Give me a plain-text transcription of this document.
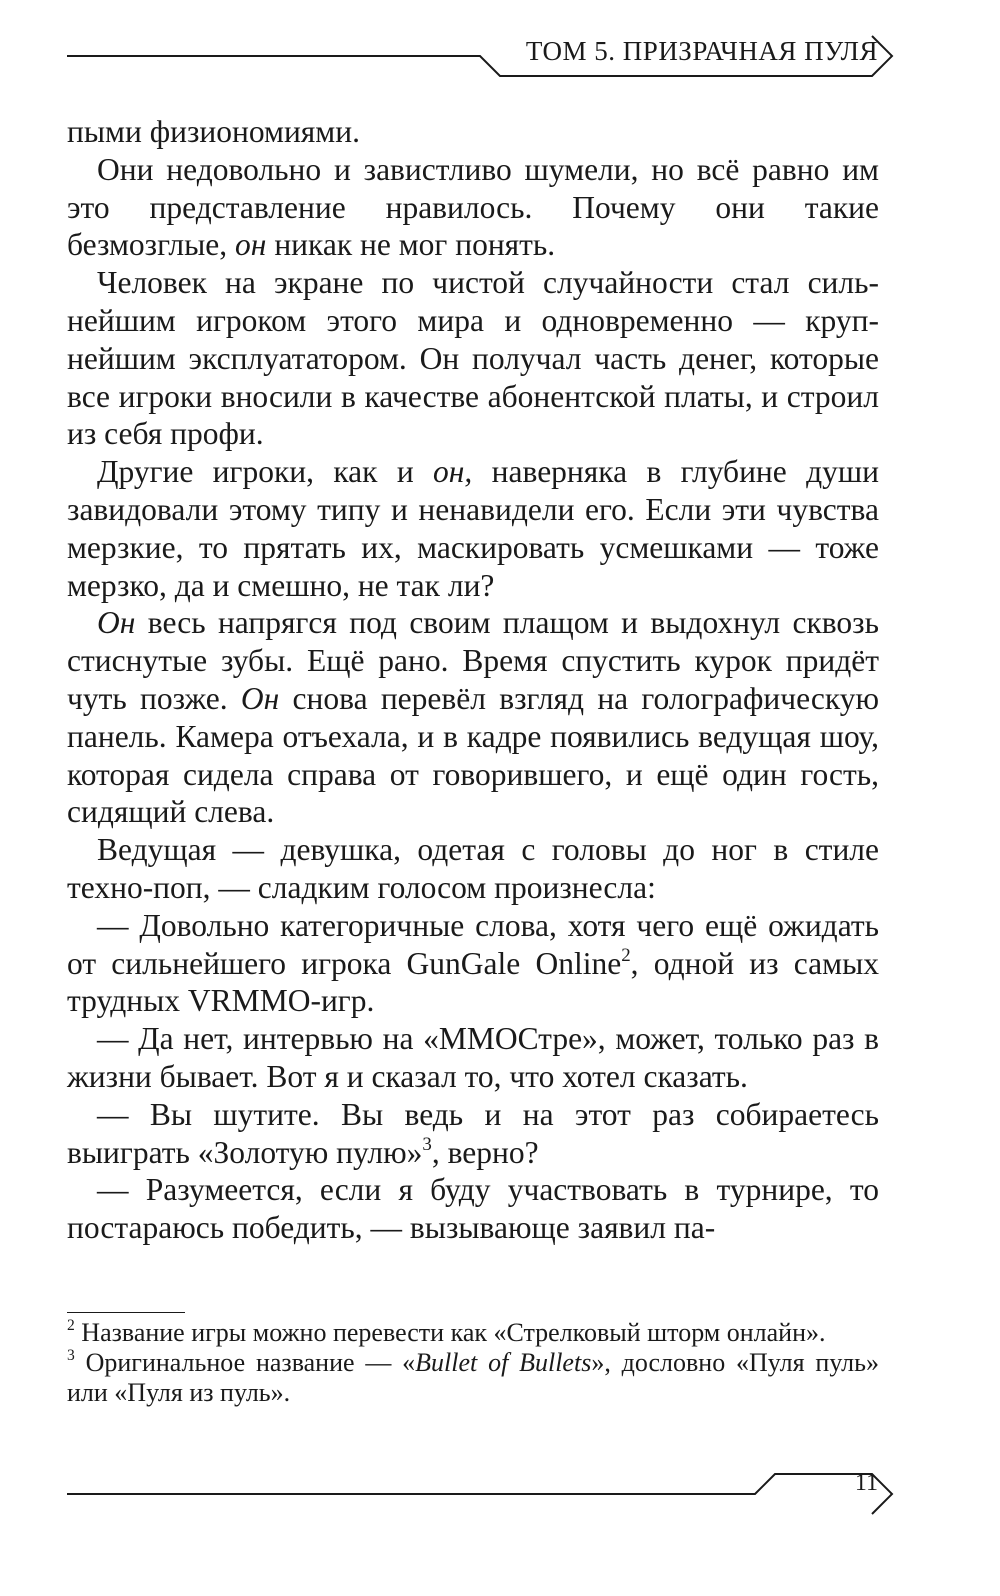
ТОМ 5. ПРИЗРАЧНАЯ ПУЛЯ

пыми физиономиями.

Они недовольно и завистливо шумели, но всё равно им это представление нравилось. Почему они такие безмозглые, он никак не мог понять.

Человек на экране по чистой случайности стал сильнейшим игроком этого мира и одновременно — крупнейшим эксплуататором. Он получал часть денег, которые все игроки вносили в качестве абонентской платы, и строил из себя профи.

Другие игроки, как и он, наверняка в глубине души завидовали этому типу и ненавидели его. Если эти чувства мерзкие, то прятать их, маскировать усмешками — тоже мерзко, да и смешно, не так ли?

Он весь напрягся под своим плащом и выдохнул сквозь стиснутые зубы. Ещё рано. Время спустить курок придёт чуть позже. Он снова перевёл взгляд на голографическую панель. Камера отъехала, и в кадре появились ведущая шоу, которая сидела справа от говорившего, и ещё один гость, сидящий слева.

Ведущая — девушка, одетая с головы до ног в стиле техно-поп, — сладким голосом произнесла:

— Довольно категоричные слова, хотя чего ещё ожидать от сильнейшего игрока GunGale Online$^2$, одной из самых трудных VRMMO-игр.

— Да нет, интервью на «MMOСтре», может, только раз в жизни бывает. Вот я и сказал то, что хотел сказать.

— Вы шутите. Вы ведь и на этот раз собираетесь выиграть «Золотую пулю»$^3$, верно?

— Разумеется, если я буду участвовать в турнире, то постараюсь победить, — вызывающе заявил па-

$^2$ Название игры можно перевести как «Стрелковый шторм онлайн».

$^3$ Оригинальное название — «Bullet of Bullets», дословно «Пуля пуль» или «Пуля из пуль».

11
